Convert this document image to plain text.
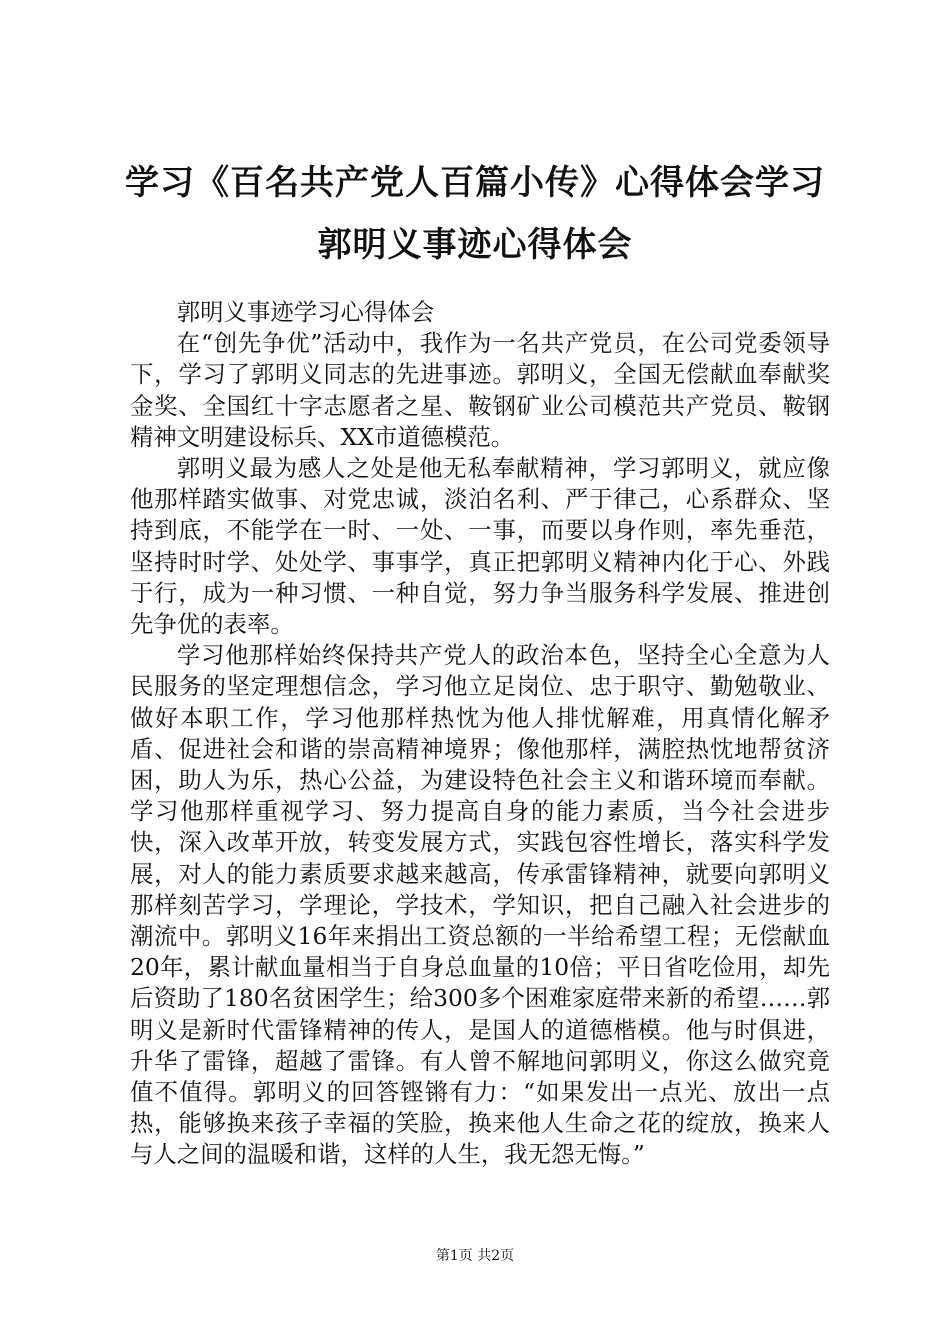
学习《百名共产党人百篇小传》心得体会学习
郭明义事迹心得体会

郭明义事迹学习心得体会

在“创先争优”活动中，我作为一名共产党员，在公司党委领导下，学习了郭明义同志的先进事迹。郭明义，全国无偿献血奉献奖金奖、全国红十字志愿者之星、鞍钢矿业公司模范共产党员、鞍钢精神文明建设标兵、XX市道德模范。

郭明义最为感人之处是他无私奉献精神，学习郭明义，就应像他那样踏实做事、对党忠诚，淡泊名利、严于律己，心系群众、坚持到底，不能学在一时、一处、一事，而要以身作则，率先垂范，坚持时时学、处处学、事事学，真正把郭明义精神内化于心、外践于行，成为一种习惯、一种自觉，努力争当服务科学发展、推进创先争优的表率。

学习他那样始终保持共产党人的政治本色，坚持全心全意为人民服务的坚定理想信念，学习他立足岗位、忠于职守、勤勉敬业、做好本职工作，学习他那样热忱为他人排忧解难，用真情化解矛盾、促进社会和谐的崇高精神境界；像他那样，满腔热忱地帮贫济困，助人为乐，热心公益，为建设特色社会主义和谐环境而奉献。学习他那样重视学习、努力提高自身的能力素质，当今社会进步快，深入改革开放，转变发展方式，实践包容性增长，落实科学发展，对人的能力素质要求越来越高，传承雷锋精神，就要向郭明义那样刻苦学习，学理论，学技术，学知识，把自己融入社会进步的潮流中。郭明义16年来捐出工资总额的一半给希望工程；无偿献血20年，累计献血量相当于自身总血量的10倍；平日省吃俭用，却先后资助了180名贫困学生；给300多个困难家庭带来新的希望……郭明义是新时代雷锋精神的传人，是国人的道德楷模。他与时俱进，升华了雷锋，超越了雷锋。有人曾不解地问郭明义，你这么做究竟值不值得。郭明义的回答铿锵有力：“如果发出一点光、放出一点热，能够换来孩子幸福的笑脸，换来他人生命之花的绽放，换来人与人之间的温暖和谐，这样的人生，我无怨无悔。”

第1页 共2页
